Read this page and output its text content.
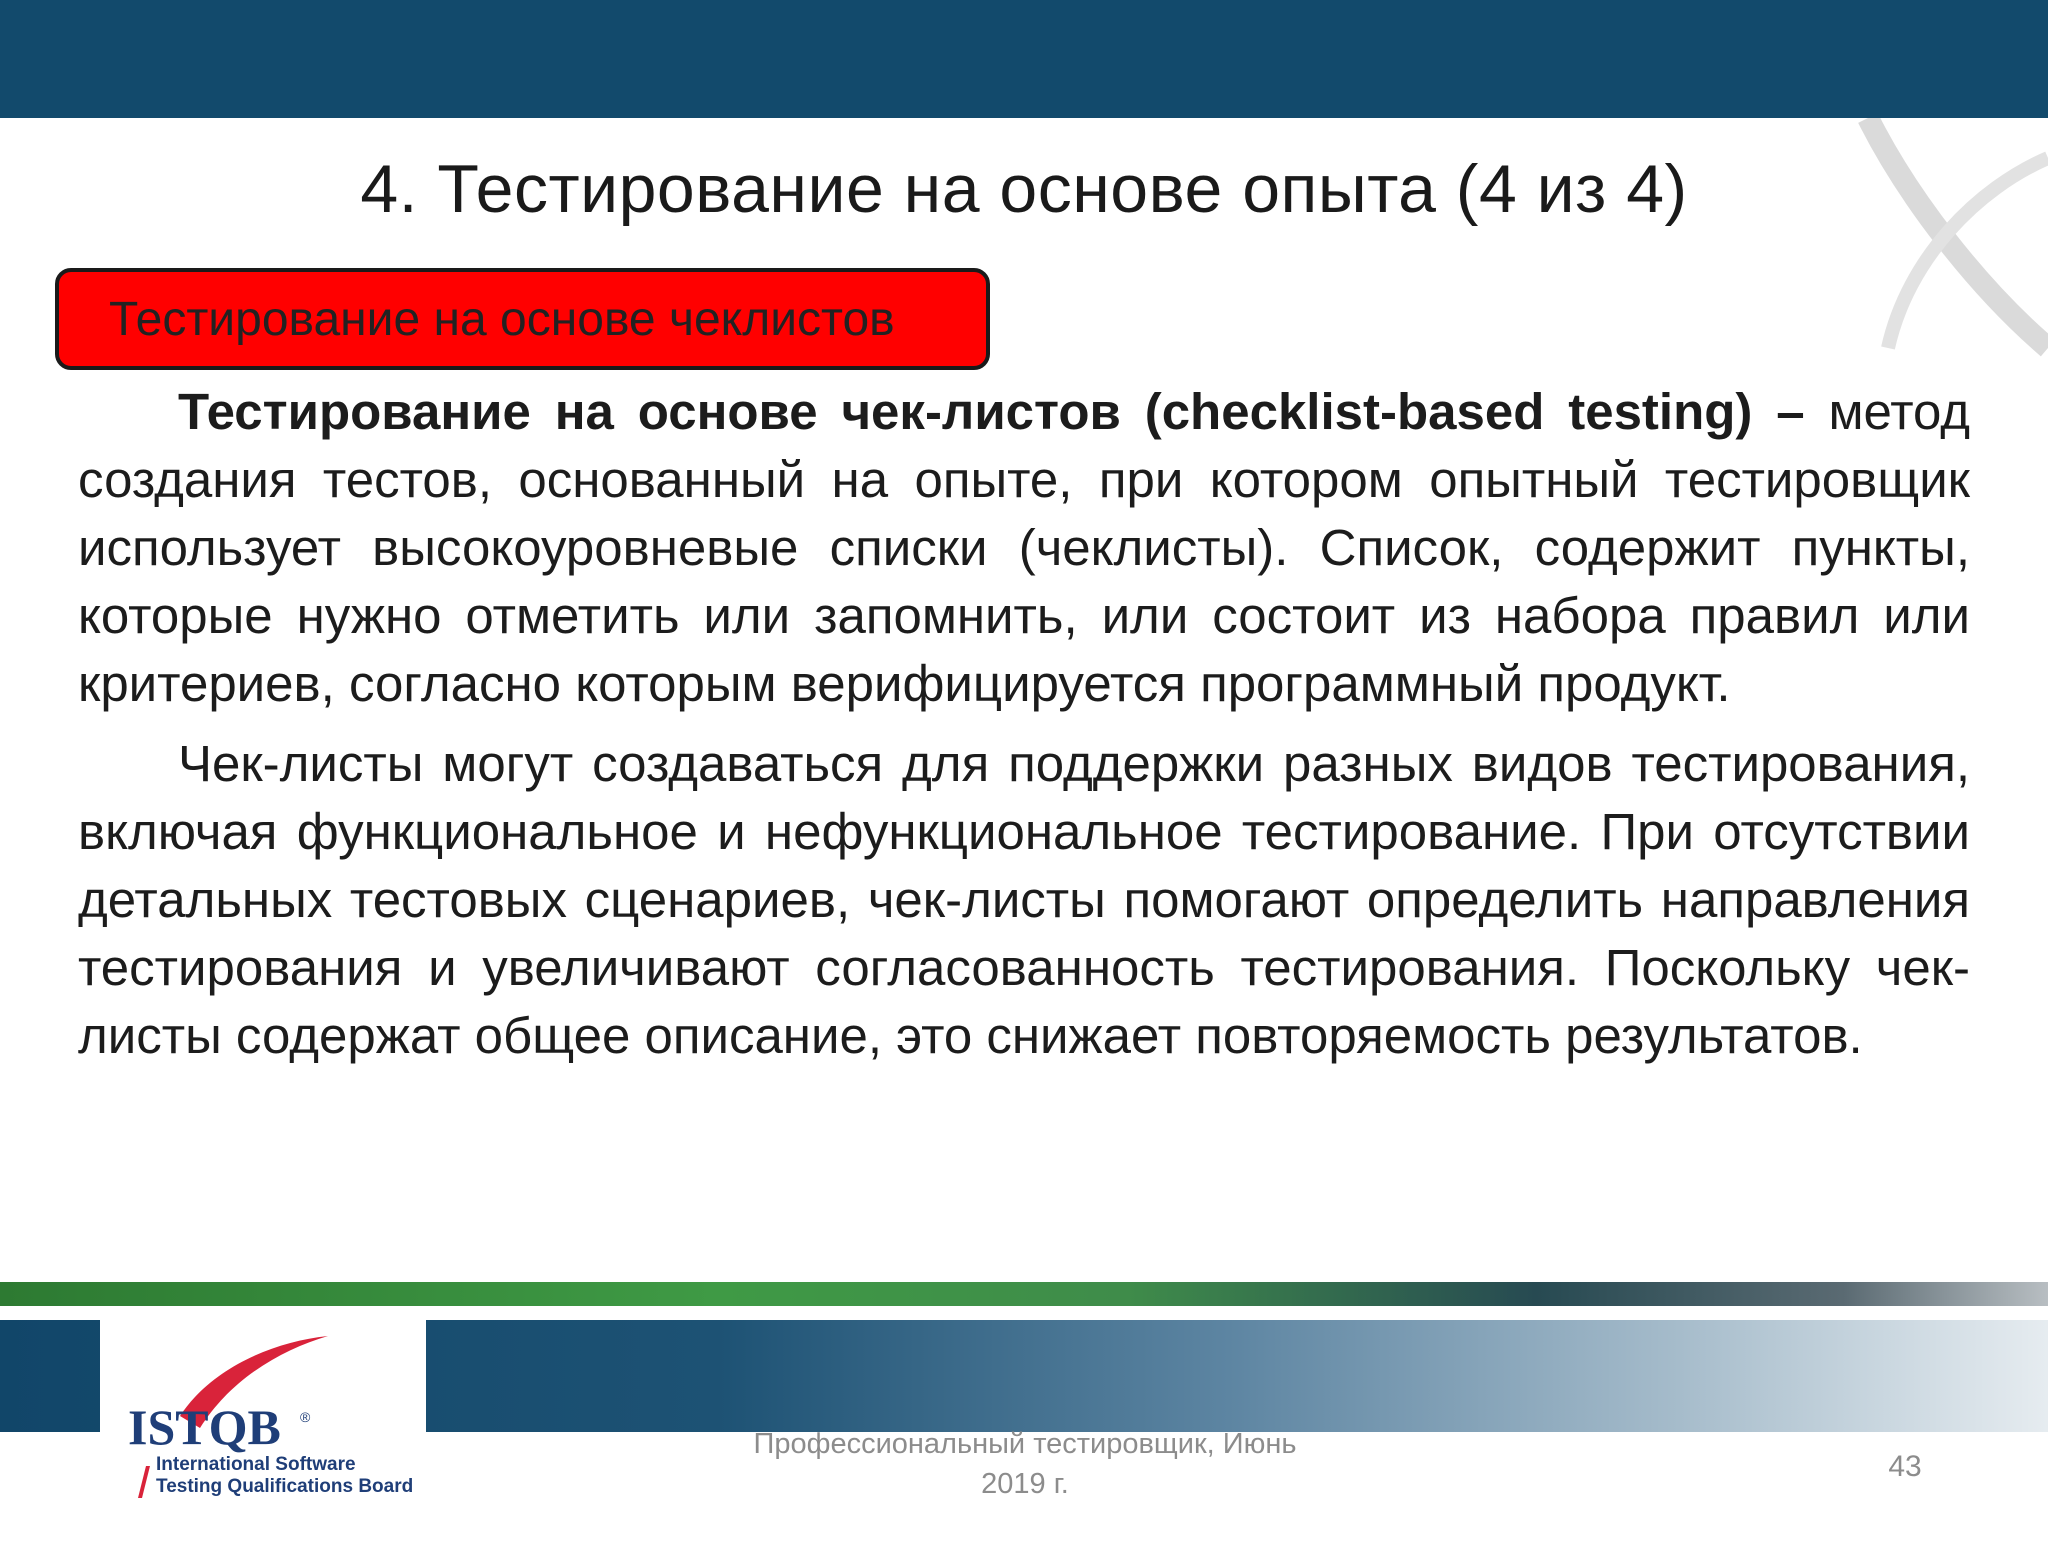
4. Тестирование на основе опыта (4 из 4)
Тестирование на основе чеклистов

Тестирование на основе чек-листов (checklist-based testing) – метод создания тестов, основанный на опыте, при котором опытный тестировщик использует высокоуровневые списки (чеклисты). Список, содержит пункты, которые нужно отметить или запомнить, или состоит из набора правил или критериев, согласно которым верифицируется программный продукт.

Чек-листы могут создаваться для поддержки разных видов тестирования, включая функциональное и нефункциональное тестирование. При отсутствии детальных тестовых сценариев, чек-листы помогают определить направления тестирования и увеличивают согласованность тестирования. Поскольку чек-листы содержат общее описание, это снижает повторяемость результатов.

ISTQB ®
International Software
Testing Qualifications Board
Профессиональный тестировщик, Июнь
2019 г.
43
